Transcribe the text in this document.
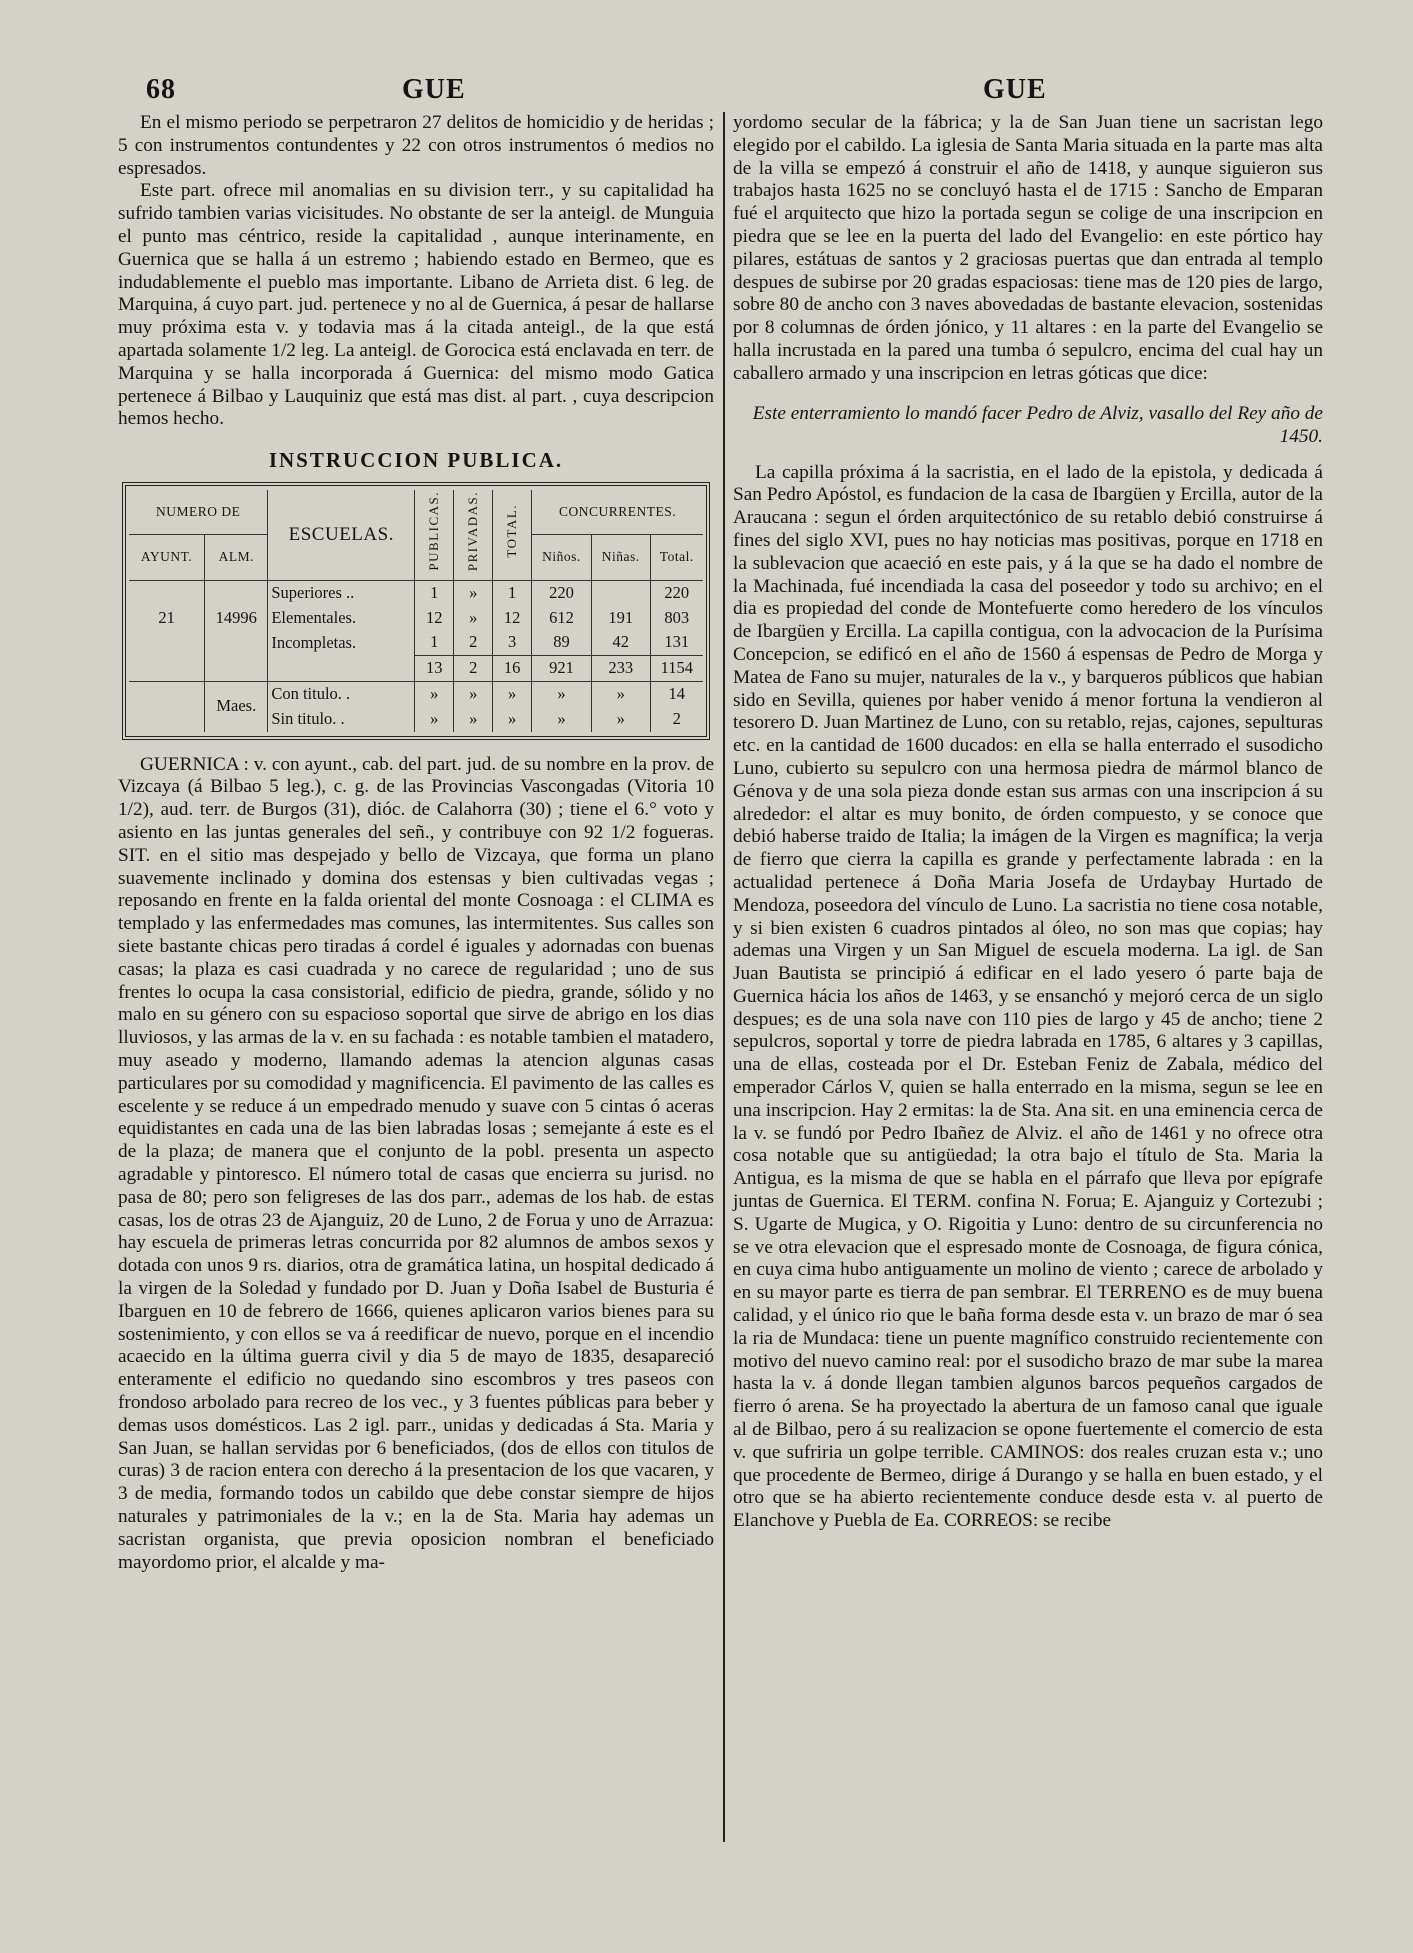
68	GUE	GUE

En el mismo periodo se perpetraron 27 delitos de homicidio y de heridas ; 5 con instrumentos contundentes y 22 con otros instrumentos ó medios no espresados.

Este part. ofrece mil anomalias en su division terr., y su capitalidad ha sufrido tambien varias vicisitudes. No obstante de ser la anteigl. de Munguia el punto mas céntrico, reside la capitalidad , aunque interinamente, en Guernica que se halla á un estremo ; habiendo estado en Bermeo, que es indudablemente el pueblo mas importante. Libano de Arrieta dist. 6 leg. de Marquina, á cuyo part. jud. pertenece y no al de Guernica, á pesar de hallarse muy próxima esta v. y todavia mas á la citada anteigl., de la que está apartada solamente 1/2 leg. La anteigl. de Gorocica está enclavada en terr. de Marquina y se halla incorporada á Guernica: del mismo modo Gatica pertenece á Bilbao y Lauquiniz que está mas dist. al part. , cuya descripcion hemos hecho.

INSTRUCCION PUBLICA.
NUMERO DE		ESCUELAS.	PUBLICAS.	PRIVADAS.	TOTAL.	CONCURRENTES.		
AYUNT.	ALM.					Niños.	Niñas.	Total.
21	14996	Superiores ..	1	»	1	220		220
		Elementales.	12	»	12	612	191	803
		Incompletas.	1	2	3	89	42	131
			13	2	16	921	233	1154
	Maes.	Con titulo. .	»	»	»	»	»	14
		Sin titulo. .	»	»	»	»	»	2

GUERNICA : v. con ayunt., cab. del part. jud. de su nombre en la prov. de Vizcaya (á Bilbao 5 leg.), c. g. de las Provincias Vascongadas (Vitoria 10 1/2), aud. terr. de Burgos (31), dióc. de Calahorra (30) ; tiene el 6.° voto y asiento en las juntas generales del señ., y contribuye con 92 1/2 fogueras. SIT. en el sitio mas despejado y bello de Vizcaya, que forma un plano suavemente inclinado y domina dos estensas y bien cultivadas vegas ; reposando en frente en la falda oriental del monte Cosnoaga : el CLIMA es templado y las enfermedades mas comunes, las intermitentes. Sus calles son siete bastante chicas pero tiradas á cordel é iguales y adornadas con buenas casas; la plaza es casi cuadrada y no carece de regularidad ; uno de sus frentes lo ocupa la casa consistorial, edificio de piedra, grande, sólido y no malo en su género con su espacioso soportal que sirve de abrigo en los dias lluviosos, y las armas de la v. en su fachada : es notable tambien el matadero, muy aseado y moderno, llamando ademas la atencion algunas casas particulares por su comodidad y magnificencia. El pavimento de las calles es escelente y se reduce á un empedrado menudo y suave con 5 cintas ó aceras equidistantes en cada una de las bien labradas losas ; semejante á este es el de la plaza; de manera que el conjunto de la pobl. presenta un aspecto agradable y pintoresco. El número total de casas que encierra su jurisd. no pasa de 80; pero son feligreses de las dos parr., ademas de los hab. de estas casas, los de otras 23 de Ajanguiz, 20 de Luno, 2 de Forua y uno de Arrazua: hay escuela de primeras letras concurrida por 82 alumnos de ambos sexos y dotada con unos 9 rs. diarios, otra de gramática latina, un hospital dedicado á la virgen de la Soledad y fundado por D. Juan y Doña Isabel de Busturia é Ibarguen en 10 de febrero de 1666, quienes aplicaron varios bienes para su sostenimiento, y con ellos se va á reedificar de nuevo, porque en el incendio acaecido en la última guerra civil y dia 5 de mayo de 1835, desapareció enteramente el edificio no quedando sino escombros y tres paseos con frondoso arbolado para recreo de los vec., y 3 fuentes públicas para beber y demas usos domésticos. Las 2 igl. parr., unidas y dedicadas á Sta. Maria y San Juan, se hallan servidas por 6 beneficiados, (dos de ellos con titulos de curas) 3 de racion entera con derecho á la presentacion de los que vacaren, y 3 de media, formando todos un cabildo que debe constar siempre de hijos naturales y patrimoniales de la v.; en la de Sta. Maria hay ademas un sacristan organista, que previa oposicion nombran el beneficiado mayordomo prior, el alcalde y ma-

yordomo secular de la fábrica; y la de San Juan tiene un sacristan lego elegido por el cabildo. La iglesia de Santa Maria situada en la parte mas alta de la villa se empezó á construir el año de 1418, y aunque siguieron sus trabajos hasta 1625 no se concluyó hasta el de 1715 : Sancho de Emparan fué el arquitecto que hizo la portada segun se colige de una inscripcion en piedra que se lee en la puerta del lado del Evangelio: en este pórtico hay pilares, estátuas de santos y 2 graciosas puertas que dan entrada al templo despues de subirse por 20 gradas espaciosas: tiene mas de 120 pies de largo, sobre 80 de ancho con 3 naves abovedadas de bastante elevacion, sostenidas por 8 columnas de órden jónico, y 11 altares : en la parte del Evangelio se halla incrustada en la pared una tumba ó sepulcro, encima del cual hay un caballero armado y una inscripcion en letras góticas que dice:

Este enterramiento lo mandó facer Pedro de Alviz, vasallo del Rey año de 1450.

La capilla próxima á la sacristia, en el lado de la epistola, y dedicada á San Pedro Apóstol, es fundacion de la casa de Ibargüen y Ercilla, autor de la Araucana : segun el órden arquitectónico de su retablo debió construirse á fines del siglo XVI, pues no hay noticias mas positivas, porque en 1718 en la sublevacion que acaeció en este pais, y á la que se ha dado el nombre de la Machinada, fué incendiada la casa del poseedor y todo su archivo; en el dia es propiedad del conde de Montefuerte como heredero de los vínculos de Ibargüen y Ercilla. La capilla contigua, con la advocacion de la Purísima Concepcion, se edificó en el año de 1560 á espensas de Pedro de Morga y Matea de Fano su mujer, naturales de la v., y barqueros públicos que habian sido en Sevilla, quienes por haber venido á menor fortuna la vendieron al tesorero D. Juan Martinez de Luno, con su retablo, rejas, cajones, sepulturas etc. en la cantidad de 1600 ducados: en ella se halla enterrado el susodicho Luno, cubierto su sepulcro con una hermosa piedra de mármol blanco de Génova y de una sola pieza donde estan sus armas con una inscripcion á su alrededor: el altar es muy bonito, de órden compuesto, y se conoce que debió haberse traido de Italia; la imágen de la Virgen es magnífica; la verja de fierro que cierra la capilla es grande y perfectamente labrada : en la actualidad pertenece á Doña Maria Josefa de Urdaybay Hurtado de Mendoza, poseedora del vínculo de Luno. La sacristia no tiene cosa notable, y si bien existen 6 cuadros pintados al óleo, no son mas que copias; hay ademas una Virgen y un San Miguel de escuela moderna. La igl. de San Juan Bautista se principió á edificar en el lado yesero ó parte baja de Guernica hácia los años de 1463, y se ensanchó y mejoró cerca de un siglo despues; es de una sola nave con 110 pies de largo y 45 de ancho; tiene 2 sepulcros, soportal y torre de piedra labrada en 1785, 6 altares y 3 capillas, una de ellas, costeada por el Dr. Esteban Feniz de Zabala, médico del emperador Cárlos V, quien se halla enterrado en la misma, segun se lee en una inscripcion. Hay 2 ermitas: la de Sta. Ana sit. en una eminencia cerca de la v. se fundó por Pedro Ibañez de Alviz. el año de 1461 y no ofrece otra cosa notable que su antigüedad; la otra bajo el título de Sta. Maria la Antigua, es la misma de que se habla en el párrafo que lleva por epígrafe juntas de Guernica. El TERM. confina N. Forua; E. Ajanguiz y Cortezubi ; S. Ugarte de Mugica, y O. Rigoitia y Luno: dentro de su circunferencia no se ve otra elevacion que el espresado monte de Cosnoaga, de figura cónica, en cuya cima hubo antiguamente un molino de viento ; carece de arbolado y en su mayor parte es tierra de pan sembrar. El TERRENO es de muy buena calidad, y el único rio que le baña forma desde esta v. un brazo de mar ó sea la ria de Mundaca: tiene un puente magnífico construido recientemente con motivo del nuevo camino real: por el susodicho brazo de mar sube la marea hasta la v. á donde llegan tambien algunos barcos pequeños cargados de fierro ó arena. Se ha proyectado la abertura de un famoso canal que iguale al de Bilbao, pero á su realizacion se opone fuertemente el comercio de esta v. que sufriria un golpe terrible. CAMINOS: dos reales cruzan esta v.; uno que procedente de Bermeo, dirige á Durango y se halla en buen estado, y el otro que se ha abierto recientemente conduce desde esta v. al puerto de Elanchove y Puebla de Ea. CORREOS: se recibe
